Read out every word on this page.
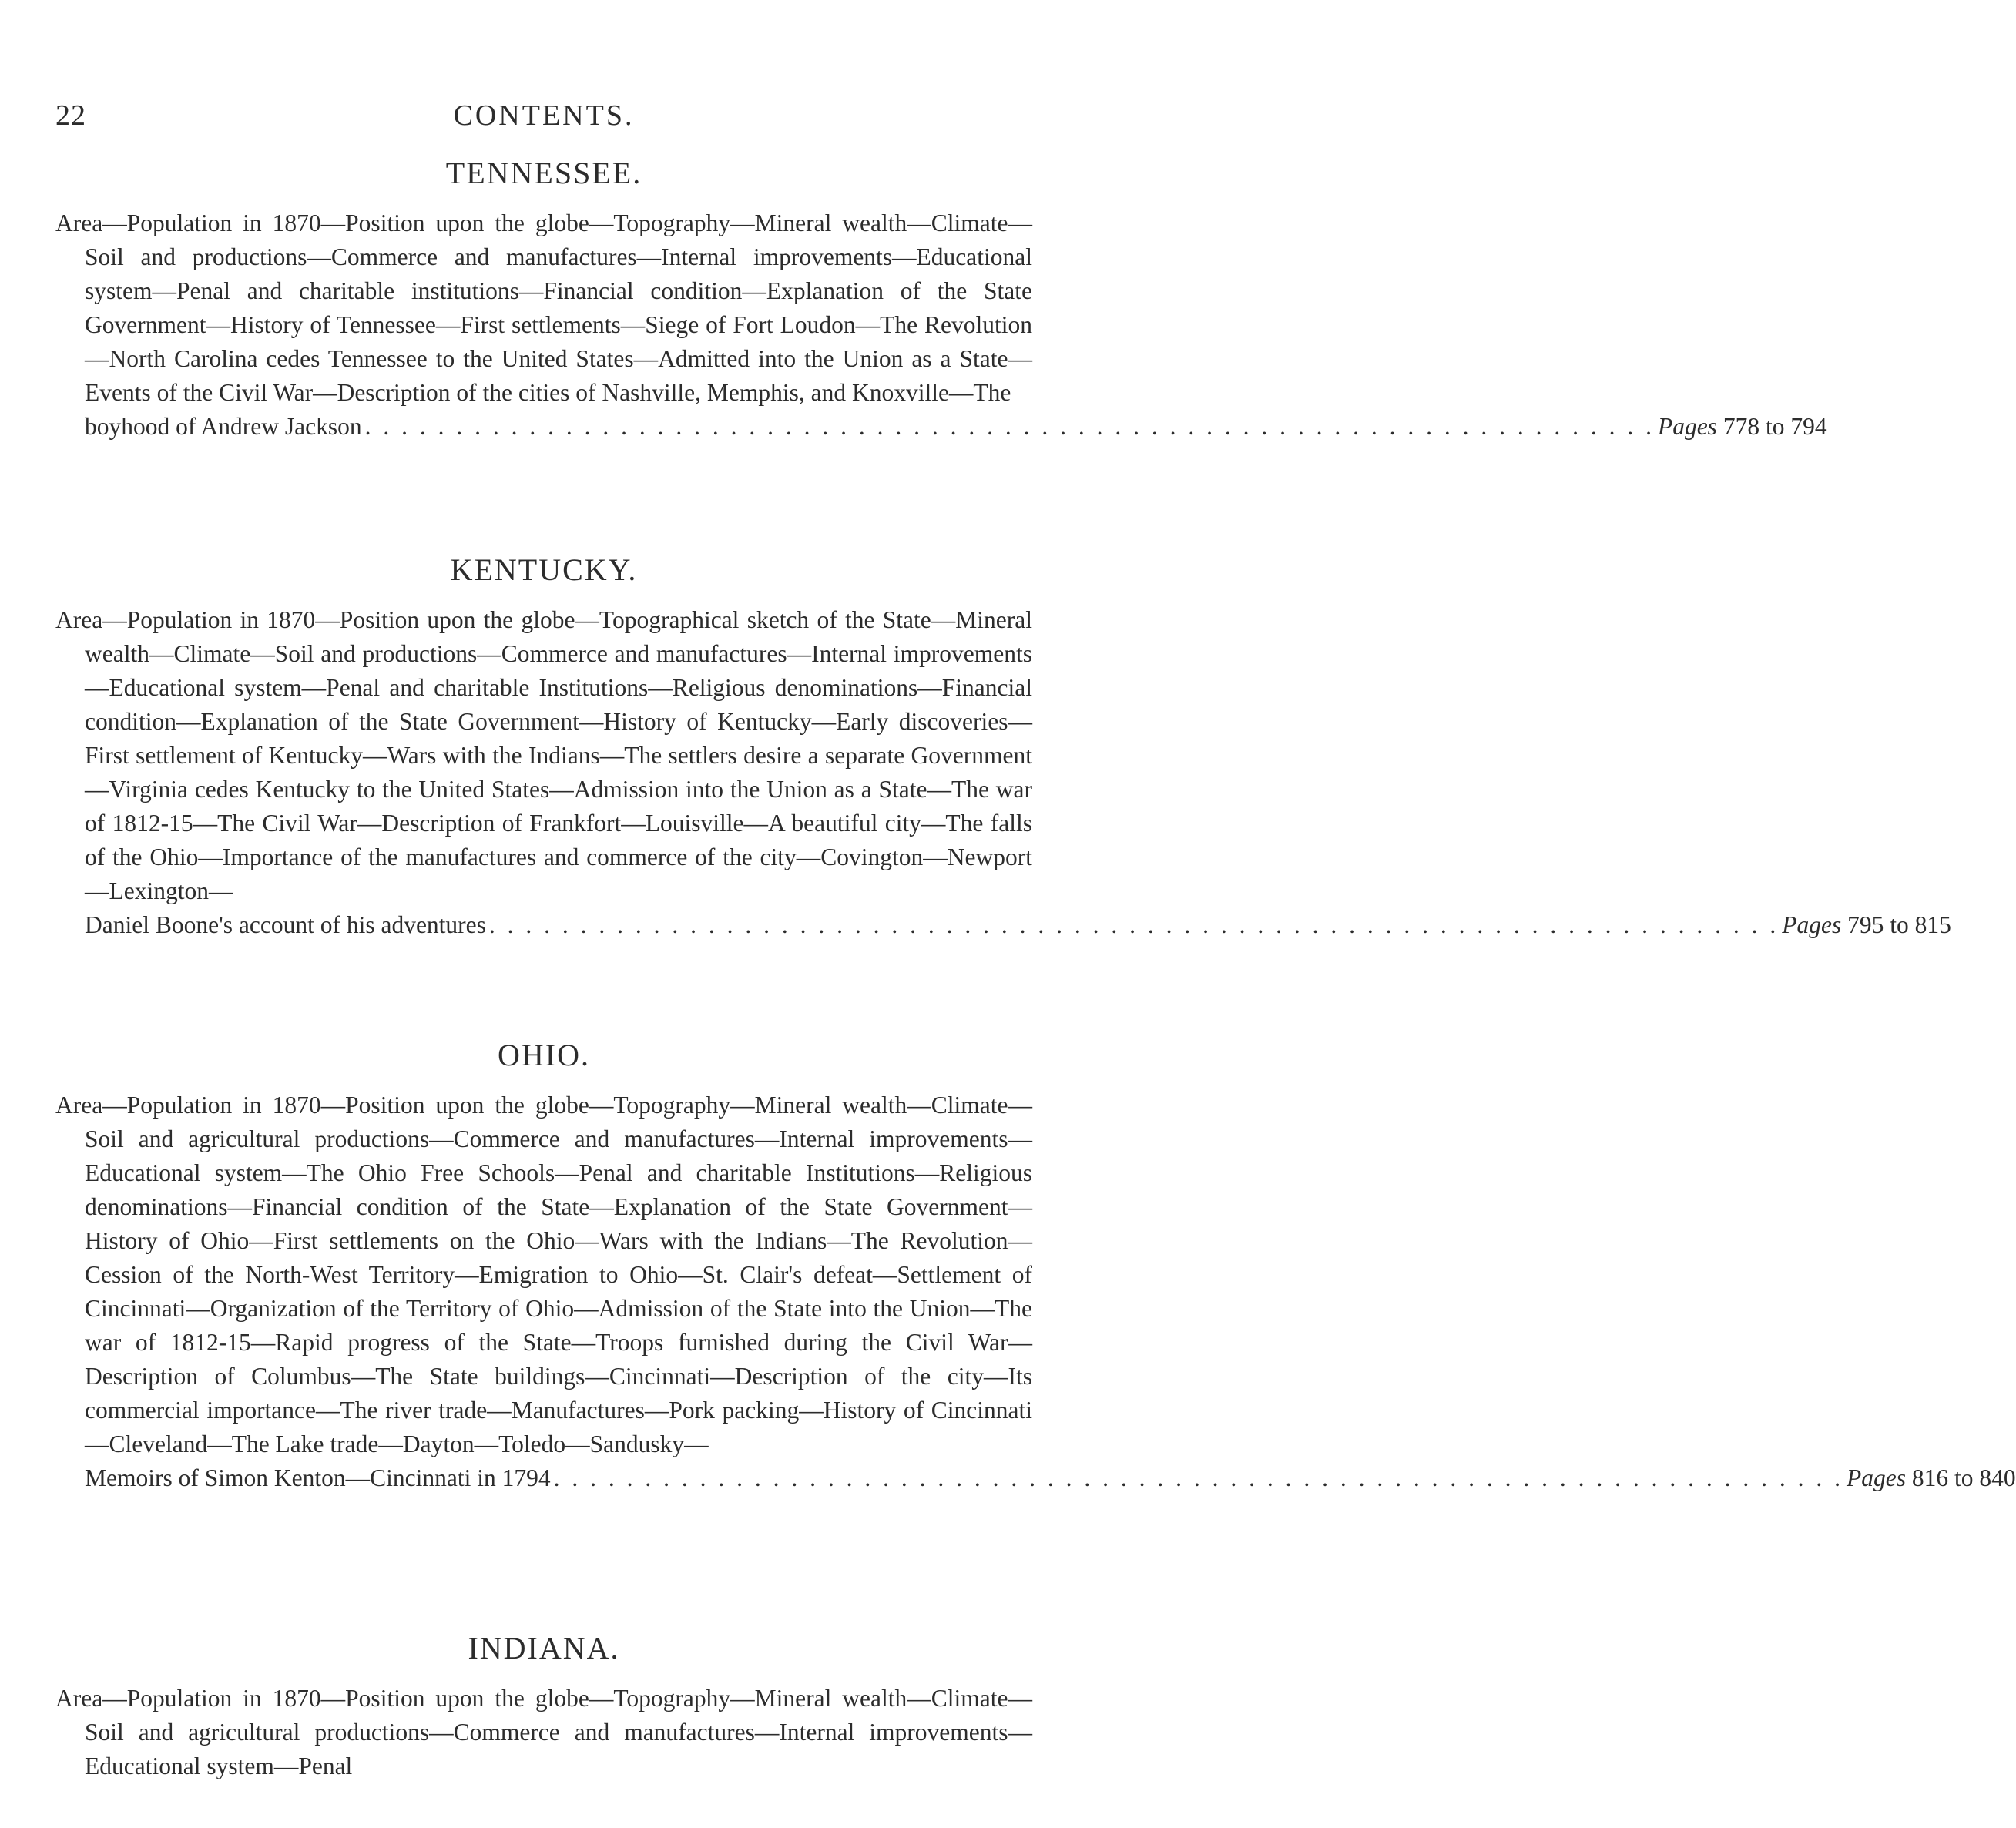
22	CONTENTS.
TENNESSEE.
Area—Population in 1870—Position upon the globe—Topography—Mineral wealth—Climate—Soil and productions—Commerce and manufactures—Internal improvements—Educational system—Penal and charitable institutions—Financial condition—Explanation of the State Government—History of Tennessee—First settlements—Siege of Fort Loudon—The Revolution—North Carolina cedes Tennessee to the United States—Admitted into the Union as a State—Events of the Civil War—Description of the cities of Nashville, Memphis, and Knoxville—The
boyhood of Andrew Jackson . . . . . . . . . . . . . . . . . . . . . . . . . . . . . . . . . . . . . . . . . . . . . . . . . . . . . . . . . . . . . . . . . . . . . . . Pages 778 to 794
KENTUCKY.
Area—Population in 1870—Position upon the globe—Topographical sketch of the State—Mineral wealth—Climate—Soil and productions—Commerce and manufactures—Internal improvements—Educational system—Penal and charitable Institutions—Religious denominations—Financial condition—Explanation of the State Government—History of Kentucky—Early discoveries—First settlement of Kentucky—Wars with the Indians—The settlers desire a separate Government—Virginia cedes Kentucky to the United States—Admission into the Union as a State—The war of 1812-15—The Civil War—Description of Frankfort—Louisville—A beautiful city—The falls of the Ohio—Importance of the manufactures and commerce of the city—Covington—Newport—Lexington—
Daniel Boone's account of his adventures . . . . . . . . . . . . . . . . . . . . . . . . . . . . . . . . . . . . . . . . . . . . . . . . . . . . . . . . . . . . . . . . . . . . . . . Pages 795 to 815
OHIO.
Area—Population in 1870—Position upon the globe—Topography—Mineral wealth—Climate—Soil and agricultural productions—Commerce and manufactures—Internal improvements—Educational system—The Ohio Free Schools—Penal and charitable Institutions—Religious denominations—Financial condition of the State—Explanation of the State Government—History of Ohio—First settlements on the Ohio—Wars with the Indians—The Revolution—Cession of the North-West Territory—Emigration to Ohio—St. Clair's defeat—Settlement of Cincinnati—Organization of the Territory of Ohio—Admission of the State into the Union—The war of 1812-15—Rapid progress of the State—Troops furnished during the Civil War—Description of Columbus—The State buildings—Cincinnati—Description of the city—Its commercial importance—The river trade—Manufactures—Pork packing—History of Cincinnati—Cleveland—The Lake trade—Dayton—Toledo—Sandusky—
Memoirs of Simon Kenton—Cincinnati in 1794 . . . . . . . . . . . . . . . . . . . . . . . . . . . . . . . . . . . . . . . . . . . . . . . . . . . . . . . . . . . . . . . . . . . . . . . Pages 816 to 840
INDIANA.
Area—Population in 1870—Position upon the globe—Topography—Mineral wealth—Climate—Soil and agricultural productions—Commerce and manufactures—Internal improvements—Educational system—Penal
